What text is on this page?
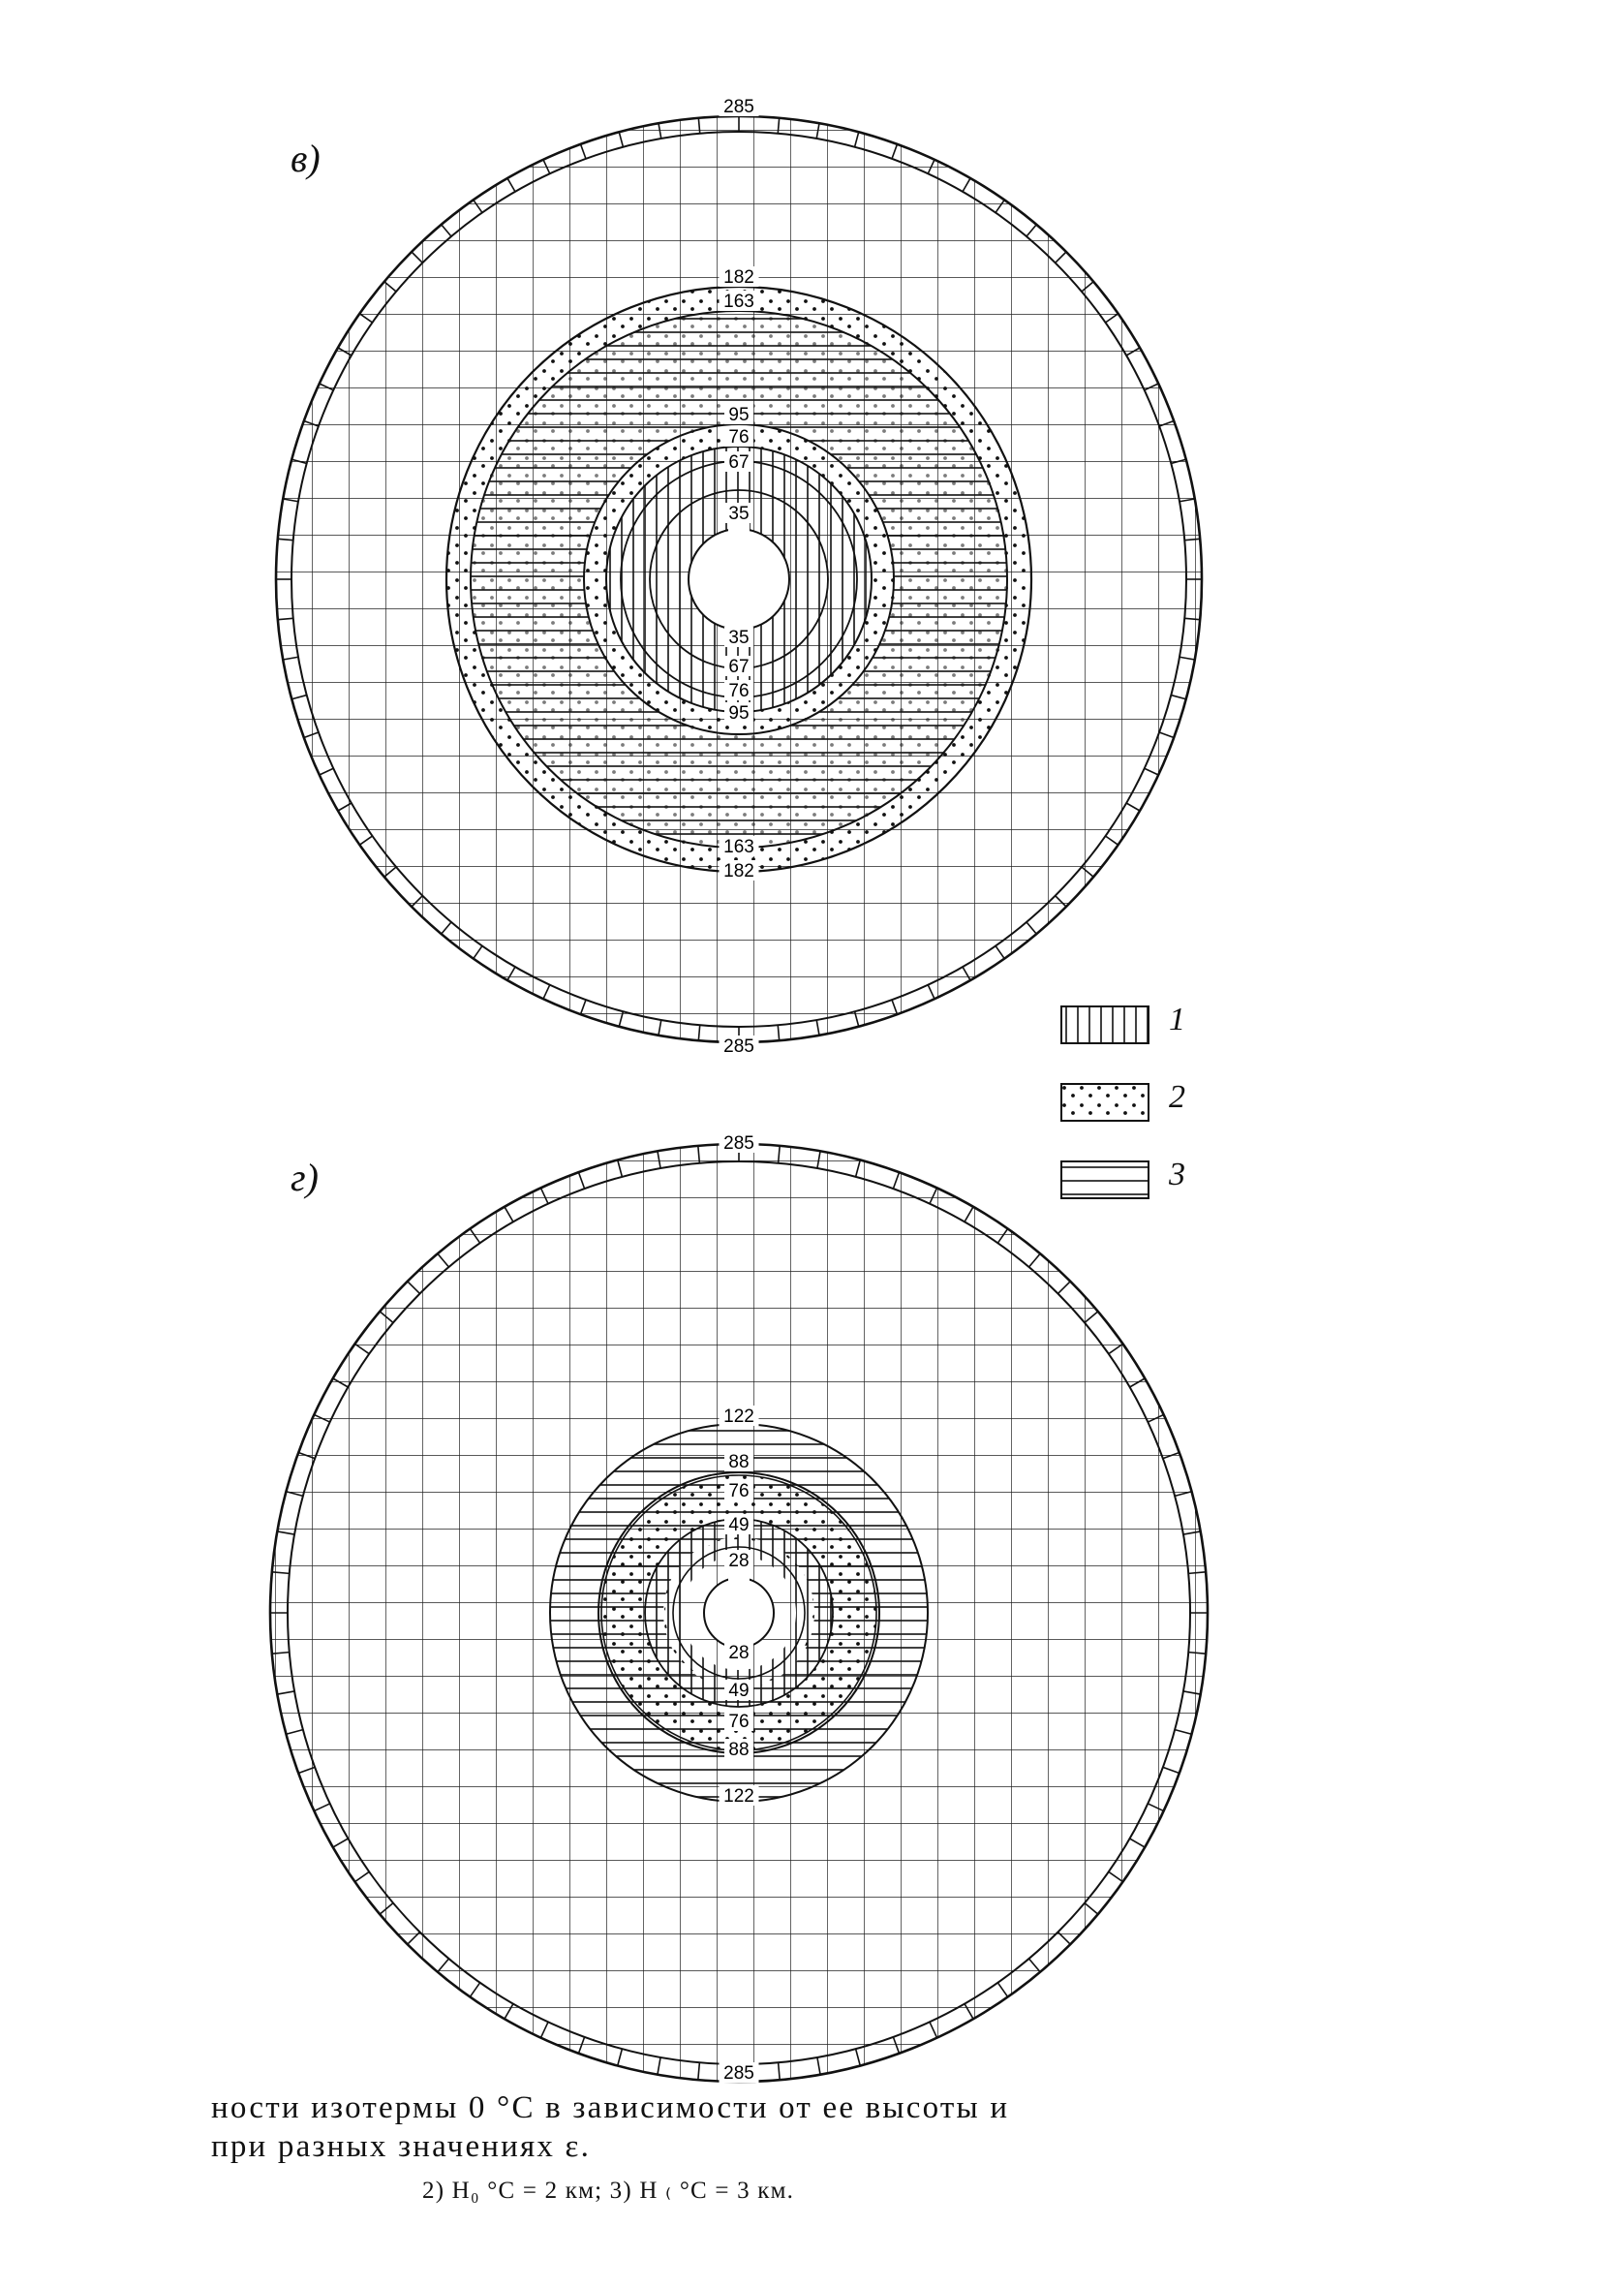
285
285
182
163
95
76
67
35
35
67
76
95
163
182
285
285
122
88
76
49
28
28
49
76
88
122
в)
г)
1
2
3
ности изотермы 0 °С в зависимости от ее высоты и
при разных значениях ε.
2) H₀ °C = 2 км; 3) H ₍ °C = 3 км.
